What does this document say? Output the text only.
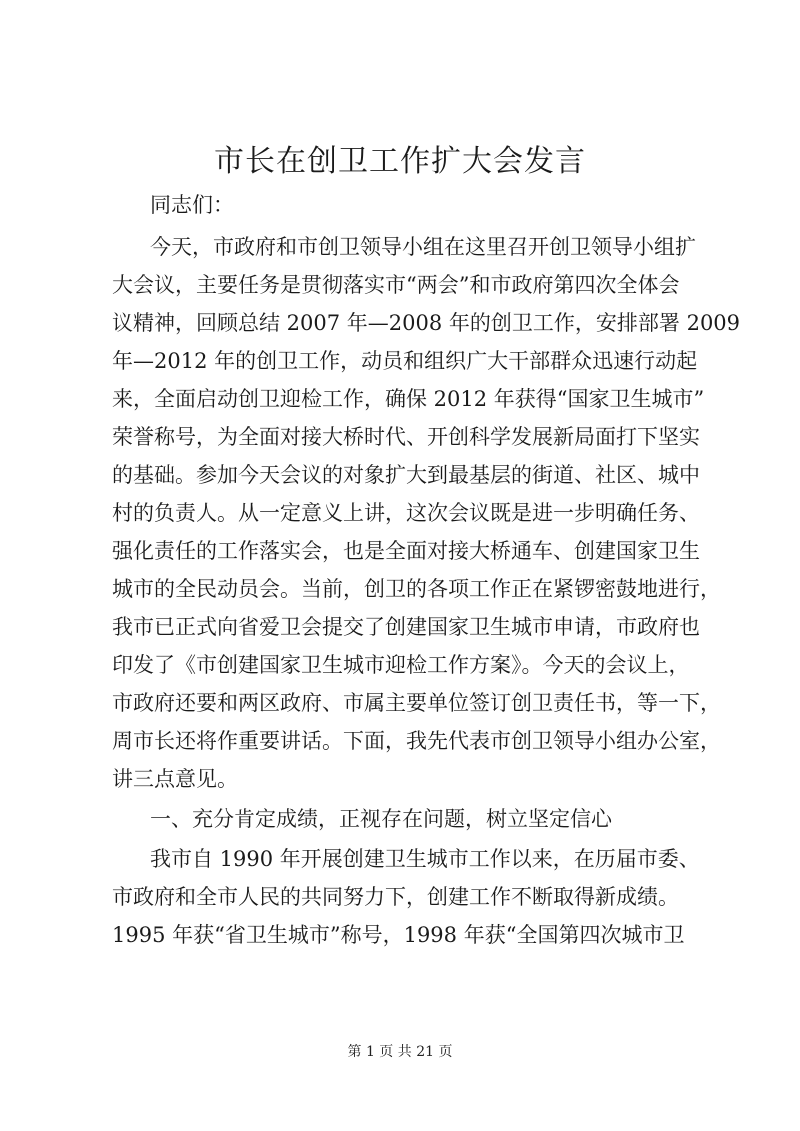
市长在创卫工作扩大会发言

同志们：

今天，市政府和市创卫领导小组在这里召开创卫领导小组扩

大会议，主要任务是贯彻落实市“两会”和市政府第四次全体会

议精神，回顾总结 2007 年—2008 年的创卫工作，安排部署 2009

年—2012 年的创卫工作，动员和组织广大干部群众迅速行动起

来，全面启动创卫迎检工作，确保 2012 年获得“国家卫生城市”

荣誉称号，为全面对接大桥时代、开创科学发展新局面打下坚实

的基础。参加今天会议的对象扩大到最基层的街道、社区、城中

村的负责人。从一定意义上讲，这次会议既是进一步明确任务、

强化责任的工作落实会，也是全面对接大桥通车、创建国家卫生

城市的全民动员会。当前，创卫的各项工作正在紧锣密鼓地进行，

我市已正式向省爱卫会提交了创建国家卫生城市申请，市政府也

印发了《市创建国家卫生城市迎检工作方案》。今天的会议上，

市政府还要和两区政府、市属主要单位签订创卫责任书，等一下，

周市长还将作重要讲话。下面，我先代表市创卫领导小组办公室，

讲三点意见。

一、充分肯定成绩，正视存在问题，树立坚定信心

我市自 1990 年开展创建卫生城市工作以来，在历届市委、

市政府和全市人民的共同努力下，创建工作不断取得新成绩。

1995 年获“省卫生城市”称号，1998 年获“全国第四次城市卫

第 1 页 共 21 页
